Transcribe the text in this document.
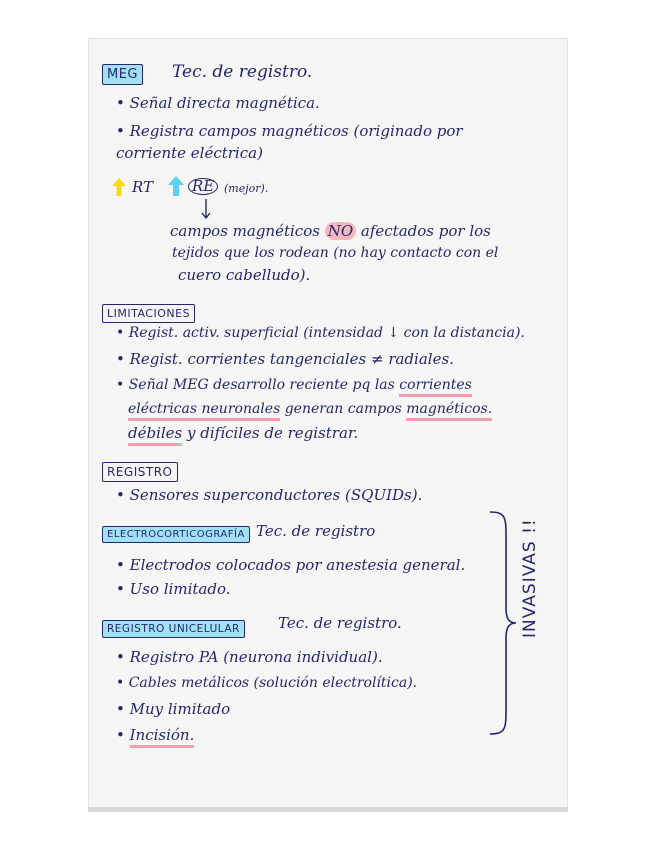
MEG Tec. de registro.
• Señal directa magnética.
• Registra campos magnéticos (originado por
corriente eléctrica)
RT	RE (mejor).
campos magnéticos NO afectados por los
tejidos que los rodean (no hay contacto con el
cuero cabelludo).
LIMITACIONES
• Regist. activ. superficial (intensidad ↓ con la distancia).
• Regist. corrientes tangenciales ≠ radiales.
• Señal MEG desarrollo reciente pq las corrientes
eléctricas neuronales generan campos magnéticos.
débiles y difíciles de registrar.
REGISTRO
• Sensores superconductores (SQUIDs).
ELECTROCORTICOGRAFÍA Tec. de registro
• Electrodos colocados por anestesia general.
• Uso limitado.
REGISTRO UNICELULAR	Tec. de registro.
• Registro PA (neurona individual).
• Cables metálicos (solución electrolítica).
• Muy limitado
• Incisión.
INVASIVAS !!
